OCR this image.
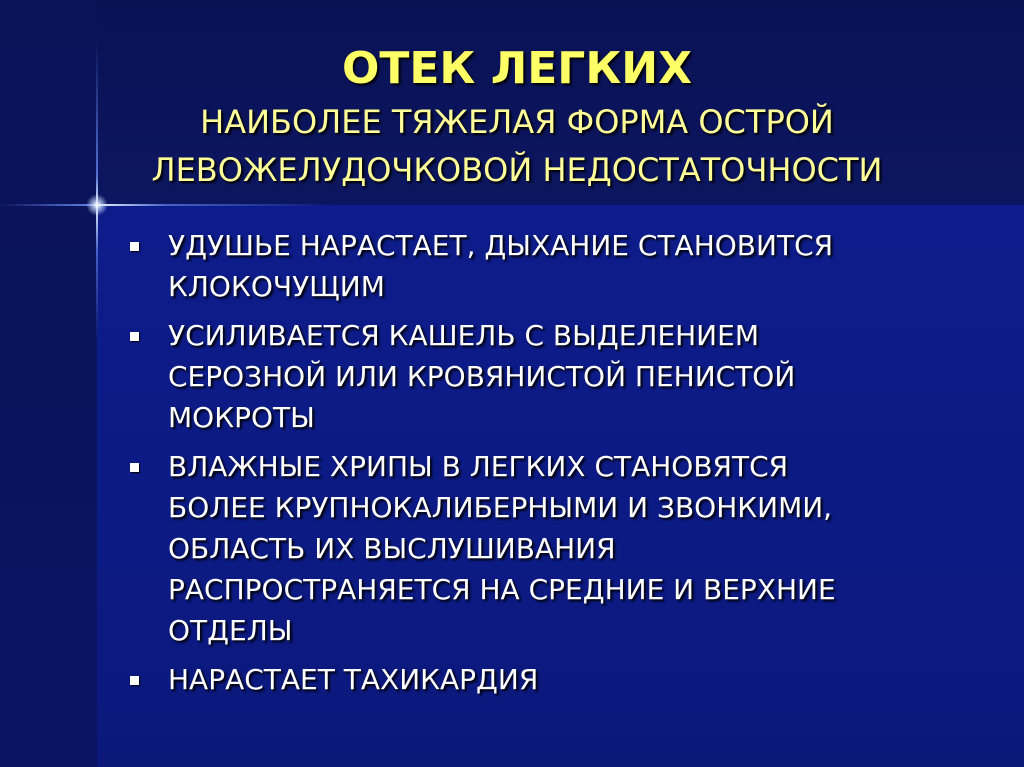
ОТЕК ЛЕГКИХ

НАИБОЛЕЕ ТЯЖЕЛАЯ ФОРМА ОСТРОЙ

ЛЕВОЖЕЛУДОЧКОВОЙ НЕДОСТАТОЧНОСТИ

УДУШЬЕ НАРАСТАЕТ, ДЫХАНИЕ СТАНОВИТСЯ
КЛОКОЧУЩИМ
УСИЛИВАЕТСЯ КАШЕЛЬ С ВЫДЕЛЕНИЕМ
СЕРОЗНОЙ ИЛИ КРОВЯНИСТОЙ ПЕНИСТОЙ
МОКРОТЫ
ВЛАЖНЫЕ ХРИПЫ В ЛЕГКИХ СТАНОВЯТСЯ
БОЛЕЕ КРУПНОКАЛИБЕРНЫМИ И ЗВОНКИМИ,
ОБЛАСТЬ ИХ ВЫСЛУШИВАНИЯ
РАСПРОСТРАНЯЕТСЯ НА СРЕДНИЕ И ВЕРХНИЕ
ОТДЕЛЫ
НАРАСТАЕТ ТАХИКАРДИЯ
